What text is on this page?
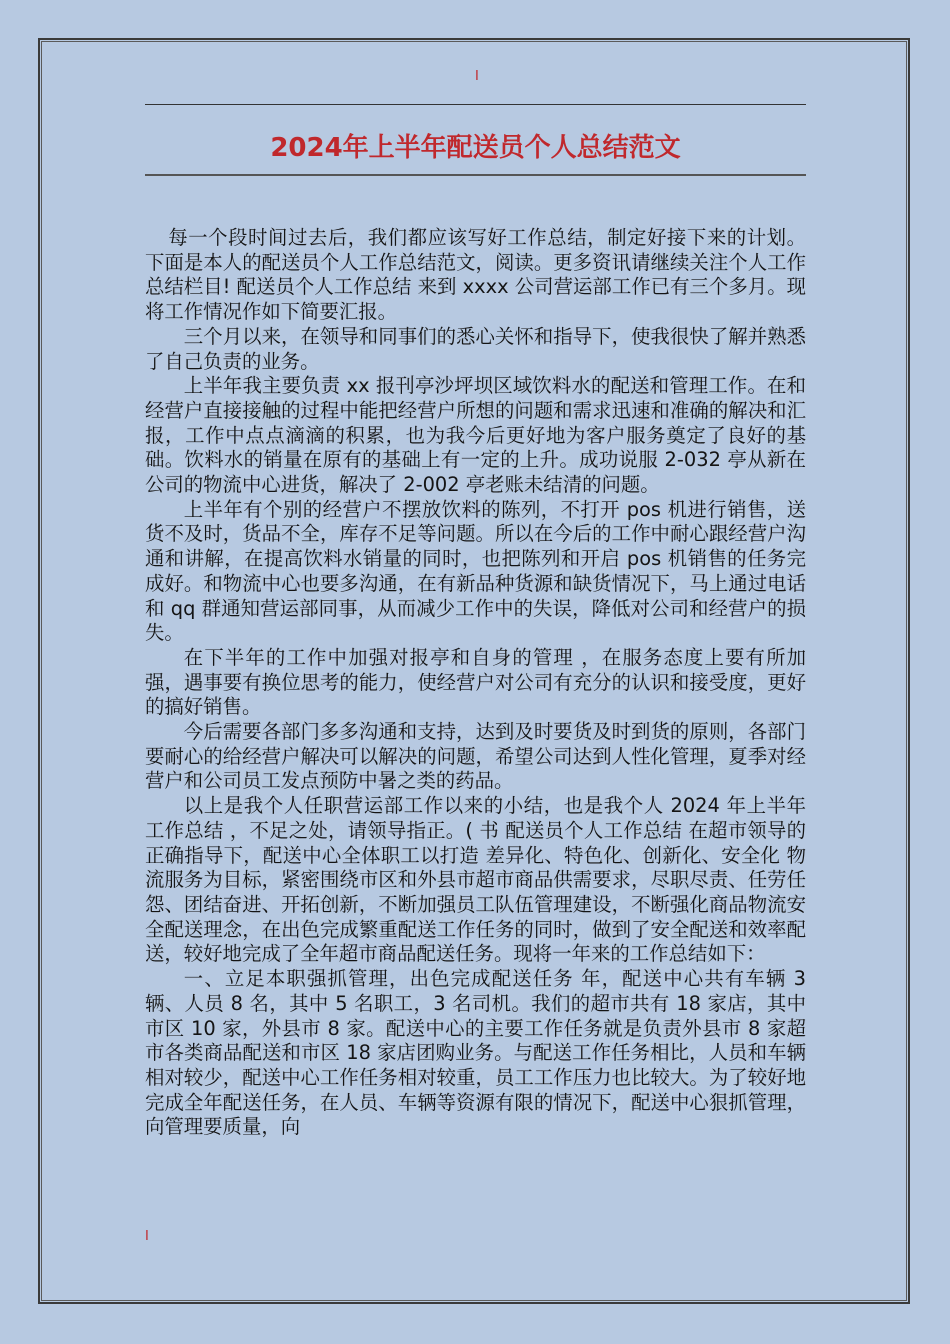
I
2024年上半年配送员个人总结范文

每一个段时间过去后，我们都应该写好工作总结，制定好接下来的计划。下面是本人的配送员个人工作总结范文，阅读。更多资讯请继续关注个人工作总结栏目! 配送员个人工作总结 来到 xxxx 公司营运部工作已有三个多月。现将工作情况作如下简要汇报。

三个月以来，在领导和同事们的悉心关怀和指导下，使我很快了解并熟悉了自己负责的业务。

上半年我主要负责 xx 报刊亭沙坪坝区域饮料水的配送和管理工作。在和经营户直接接触的过程中能把经营户所想的问题和需求迅速和准确的解决和汇报，工作中点点滴滴的积累，也为我今后更好地为客户服务奠定了良好的基础。饮料水的销量在原有的基础上有一定的上升。成功说服 2-032 亭从新在公司的物流中心进货，解决了 2-002 亭老账未结清的问题。

上半年有个别的经营户不摆放饮料的陈列，不打开 pos 机进行销售，送货不及时，货品不全，库存不足等问题。所以在今后的工作中耐心跟经营户沟通和讲解，在提高饮料水销量的同时，也把陈列和开启 pos 机销售的任务完成好。和物流中心也要多沟通，在有新品种货源和缺货情况下，马上通过电话和 qq 群通知营运部同事，从而减少工作中的失误，降低对公司和经营户的损失。

在下半年的工作中加强对报亭和自身的管理 ，在服务态度上要有所加强，遇事要有换位思考的能力，使经营户对公司有充分的认识和接受度，更好的搞好销售。

今后需要各部门多多沟通和支持，达到及时要货及时到货的原则，各部门要耐心的给经营户解决可以解决的问题，希望公司达到人性化管理，夏季对经营户和公司员工发点预防中暑之类的药品。

以上是我个人任职营运部工作以来的小结，也是我个人 2024 年上半年工作总结 ，不足之处，请领导指正。( 书 配送员个人工作总结 在超市领导的正确指导下，配送中心全体职工以打造 差异化、特色化、创新化、安全化 物流服务为目标，紧密围绕市区和外县市超市商品供需要求，尽职尽责、任劳任怨、团结奋进、开拓创新，不断加强员工队伍管理建设，不断强化商品物流安全配送理念，在出色完成繁重配送工作任务的同时，做到了安全配送和效率配送，较好地完成了全年超市商品配送任务。现将一年来的工作总结如下：

一、立足本职强抓管理，出色完成配送任务 年，配送中心共有车辆 3 辆、人员 8 名，其中 5 名职工，3 名司机。我们的超市共有 18 家店，其中市区 10 家，外县市 8 家。配送中心的主要工作任务就是负责外县市 8 家超市各类商品配送和市区 18 家店团购业务。与配送工作任务相比，人员和车辆相对较少，配送中心工作任务相对较重，员工工作压力也比较大。为了较好地完成全年配送任务，在人员、车辆等资源有限的情况下，配送中心狠抓管理，向管理要质量，向

I
